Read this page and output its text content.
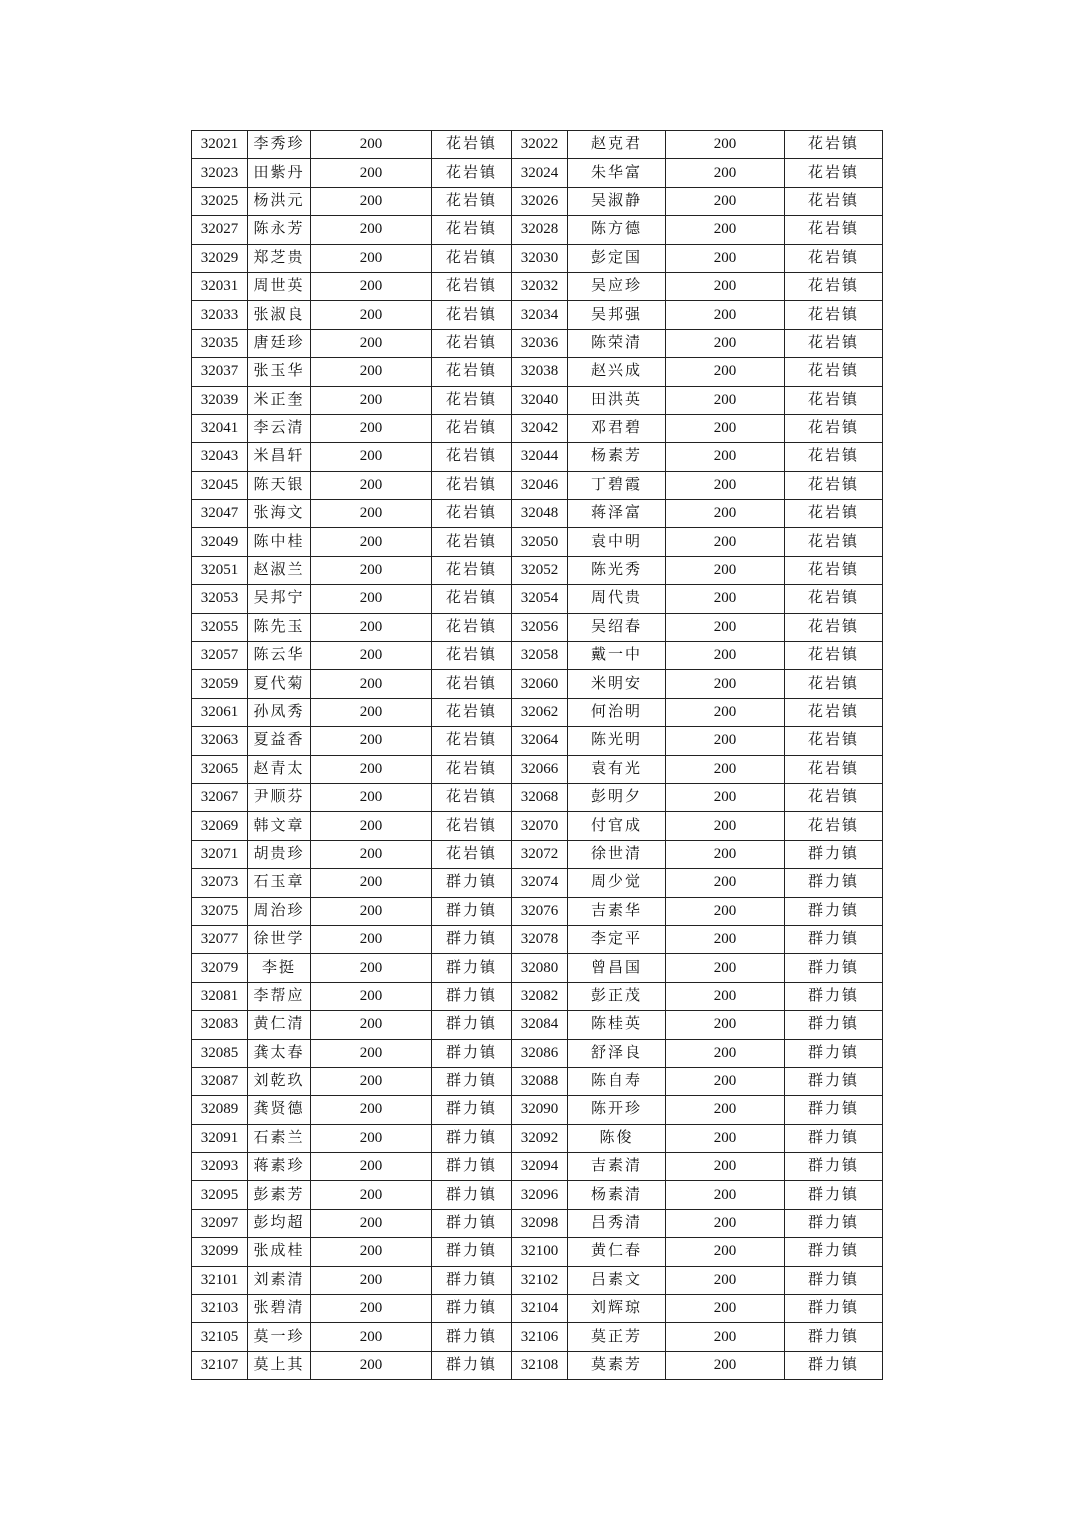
32021	李秀珍	200	花岩镇	32022	赵克君	200	花岩镇
32023	田紫丹	200	花岩镇	32024	朱华富	200	花岩镇
32025	杨洪元	200	花岩镇	32026	吴淑静	200	花岩镇
32027	陈永芳	200	花岩镇	32028	陈方德	200	花岩镇
32029	郑芝贵	200	花岩镇	32030	彭定国	200	花岩镇
32031	周世英	200	花岩镇	32032	吴应珍	200	花岩镇
32033	张淑良	200	花岩镇	32034	吴邦强	200	花岩镇
32035	唐廷珍	200	花岩镇	32036	陈荣清	200	花岩镇
32037	张玉华	200	花岩镇	32038	赵兴成	200	花岩镇
32039	米正奎	200	花岩镇	32040	田洪英	200	花岩镇
32041	李云清	200	花岩镇	32042	邓君碧	200	花岩镇
32043	米昌轩	200	花岩镇	32044	杨素芳	200	花岩镇
32045	陈天银	200	花岩镇	32046	丁碧霞	200	花岩镇
32047	张海文	200	花岩镇	32048	蒋泽富	200	花岩镇
32049	陈中桂	200	花岩镇	32050	袁中明	200	花岩镇
32051	赵淑兰	200	花岩镇	32052	陈光秀	200	花岩镇
32053	吴邦宁	200	花岩镇	32054	周代贵	200	花岩镇
32055	陈先玉	200	花岩镇	32056	吴绍春	200	花岩镇
32057	陈云华	200	花岩镇	32058	戴一中	200	花岩镇
32059	夏代菊	200	花岩镇	32060	米明安	200	花岩镇
32061	孙凤秀	200	花岩镇	32062	何治明	200	花岩镇
32063	夏益香	200	花岩镇	32064	陈光明	200	花岩镇
32065	赵青太	200	花岩镇	32066	袁有光	200	花岩镇
32067	尹顺芬	200	花岩镇	32068	彭明夕	200	花岩镇
32069	韩文章	200	花岩镇	32070	付官成	200	花岩镇
32071	胡贵珍	200	花岩镇	32072	徐世清	200	群力镇
32073	石玉章	200	群力镇	32074	周少觉	200	群力镇
32075	周治珍	200	群力镇	32076	吉素华	200	群力镇
32077	徐世学	200	群力镇	32078	李定平	200	群力镇
32079	李挺	200	群力镇	32080	曾昌国	200	群力镇
32081	李帮应	200	群力镇	32082	彭正茂	200	群力镇
32083	黄仁清	200	群力镇	32084	陈桂英	200	群力镇
32085	龚太春	200	群力镇	32086	舒泽良	200	群力镇
32087	刘乾玖	200	群力镇	32088	陈自寿	200	群力镇
32089	龚贤德	200	群力镇	32090	陈开珍	200	群力镇
32091	石素兰	200	群力镇	32092	陈俊	200	群力镇
32093	蒋素珍	200	群力镇	32094	吉素清	200	群力镇
32095	彭素芳	200	群力镇	32096	杨素清	200	群力镇
32097	彭均超	200	群力镇	32098	吕秀清	200	群力镇
32099	张成桂	200	群力镇	32100	黄仁春	200	群力镇
32101	刘素清	200	群力镇	32102	吕素文	200	群力镇
32103	张碧清	200	群力镇	32104	刘辉琼	200	群力镇
32105	莫一珍	200	群力镇	32106	莫正芳	200	群力镇
32107	莫上其	200	群力镇	32108	莫素芳	200	群力镇
